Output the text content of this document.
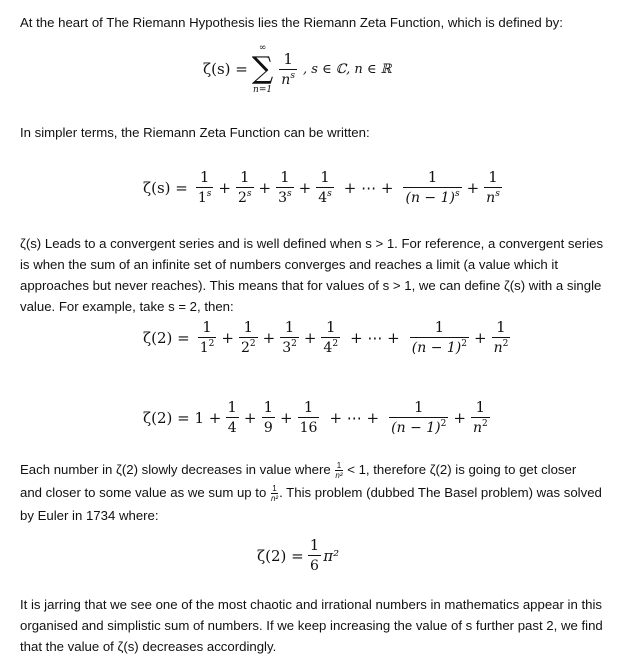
At the heart of The Riemann Hypothesis lies the Riemann Zeta Function, which is defined by:
ζ(s) =
∞
∑
n=1
$\frac{1}{n^s}$ , s ∈ ℂ, n ∈ ℝ
In simpler terms, the Riemann Zeta Function can be written:
$\zeta(s) = \frac{1}{1^s} + \frac{1}{2^s} + \frac{1}{3^s} + \frac{1}{4^s}$ + ⋯ + $\frac{1}{(n - 1)^s} + \frac{1}{n^s}$
ζ(s) Leads to a convergent series and is well defined when s > 1. For reference, a convergent series
is when the sum of an infinite set of numbers converges and reaches a limit (a value which it
approaches but never reaches). This means that for values of s > 1, we can define ζ(s) with a single
value. For example, take s = 2, then:
$\zeta(2) = \frac{1}{1^2} + \frac{1}{2^2} + \frac{1}{3^2} + \frac{1}{4^2}$ + ⋯ + $\frac{1}{(n - 1)^2} + \frac{1}{n^2}$
$\zeta(2) = 1 + \frac{1}{4} + \frac{1}{9} + \frac{1}{16}$ + ⋯ + $\frac{1}{(n - 1)^2} + \frac{1}{n^2}$
Each number in ζ(2) slowly decreases in value where $\frac{1}{\text{n²}} < 1$, therefore ζ(2) is going to get closer
and closer to some value as we sum up to $\frac{1}{\text{n²}}$ . This problem (dubbed The Basel problem) was solved
by Euler in 1734 where:
$\zeta(2) = \frac{1}{6} \pi^2$
It is jarring that we see one of the most chaotic and irrational numbers in mathematics appear in this
organised and simplistic sum of numbers. If we keep increasing the value of s further past 2, we find
that the value of ζ(s) decreases accordingly.
